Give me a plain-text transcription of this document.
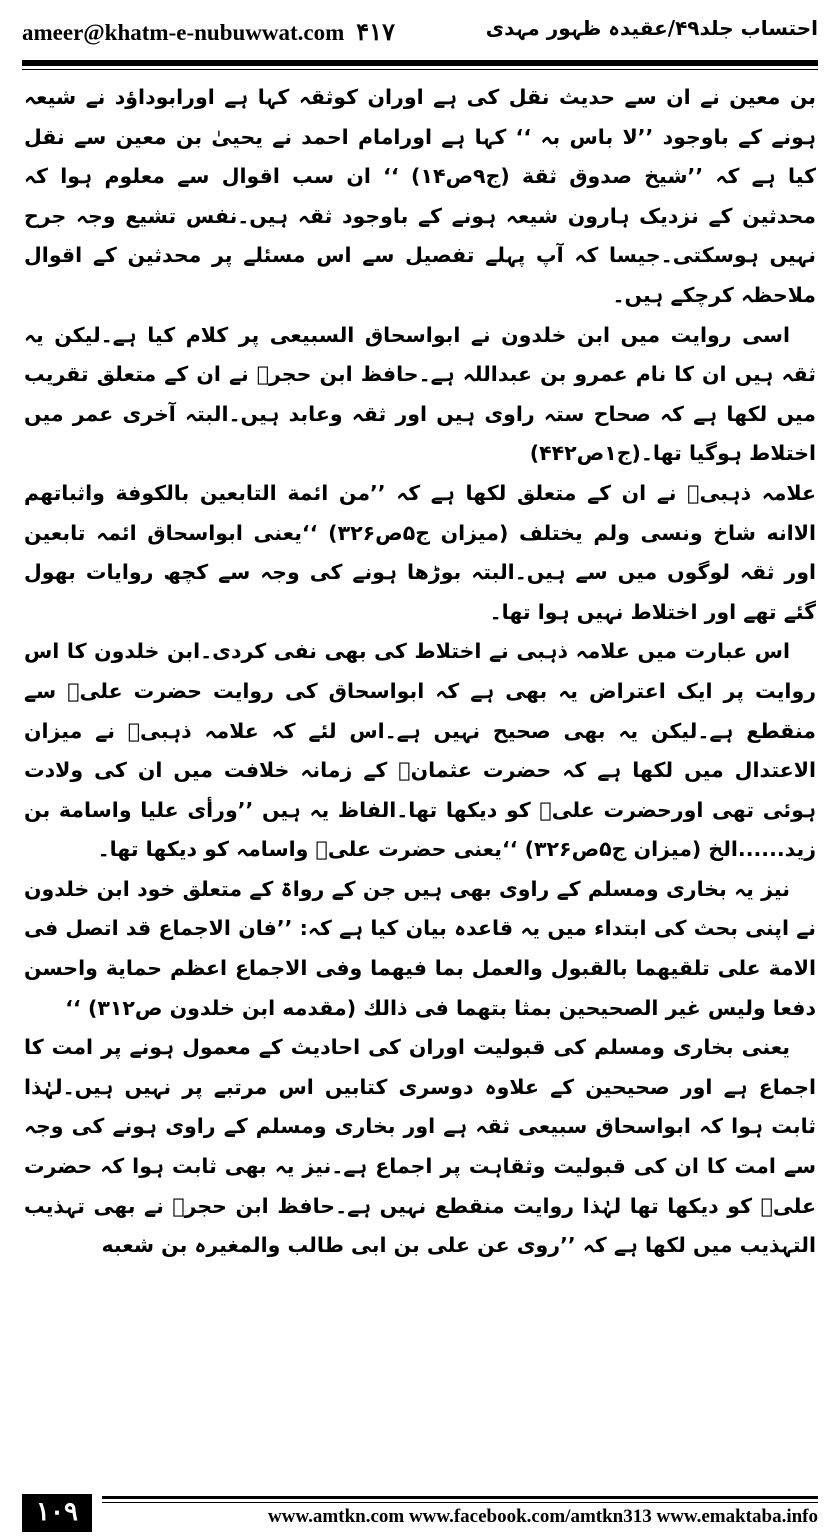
ameer@khatm-e-nubuwwat.com ۴۱۷	احتساب جلد۴۹/عقیدہ ظہور مہدی

بن معین نے ان سے حدیث نقل کی ہے اوران کوثقہ کہا ہے اورابوداؤد نے شیعہ ہونے کے باوجود ’’لا باس بہ ‘‘ کہا ہے اورامام احمد نے یحییٰ بن معین سے نقل کیا ہے کہ ’’شیخ صدوق ثقة (ج۹ص۱۴) ‘‘ ان سب اقوال سے معلوم ہوا کہ محدثین کے نزدیک ہارون شیعہ ہونے کے باوجود ثقہ ہیں۔نفس تشیع وجہ جرح نہیں ہوسکتی۔جیسا کہ آپ پہلے تفصیل سے اس مسئلے پر محدثین کے اقوال ملاحظہ کرچکے ہیں۔

اسی روایت میں ابن خلدون نے ابواسحاق السبیعی پر کلام کیا ہے۔لیکن یہ ثقہ ہیں ان کا نام عمرو بن عبداللہ ہے۔حافظ ابن حجرؒ نے ان کے متعلق تقریب میں لکھا ہے کہ صحاح ستہ راوی ہیں اور ثقہ وعابد ہیں۔البتہ آخری عمر میں اختلاط ہوگیا تھا۔(ج۱ص۴۴۲)

علامہ ذہبیؒ نے ان کے متعلق لکھا ہے کہ ’’من ائمة التابعین بالکوفة واثباتهم الاانه شاخ ونسی ولم یختلف (میزان ج۵ص۳۲۶) ‘‘یعنی ابواسحاق ائمہ تابعین اور ثقہ لوگوں میں سے ہیں۔البتہ بوڑھا ہونے کی وجہ سے کچھ روایات بھول گئے تھے اور اختلاط نہیں ہوا تھا۔

اس عبارت میں علامہ ذہبی نے اختلاط کی بھی نفی کردی۔ابن خلدون کا اس روایت پر ایک اعتراض یہ بھی ہے کہ ابواسحاق کی روایت حضرت علیؓ سے منقطع ہے۔لیکن یہ بھی صحیح نہیں ہے۔اس لئے کہ علامہ ذہبیؒ نے میزان الاعتدال میں لکھا ہے کہ حضرت عثمانؓ کے زمانہ خلافت میں ان کی ولادت ہوئی تھی اورحضرت علیؓ کو دیکھا تھا۔الفاظ یہ ہیں ’’ورأی علیا واسامة بن زید......الخ (میزان ج۵ص۳۲۶) ‘‘یعنی حضرت علیؓ واسامہ کو دیکھا تھا۔

نیز یہ بخاری ومسلم کے راوی بھی ہیں جن کے رواۃ کے متعلق خود ابن خلدون نے اپنی بحث کی ابتداء میں یہ قاعدہ بیان کیا ہے کہ: ’’فان الاجماع قد اتصل فی الامة علی تلقیهما بالقبول والعمل بما فیهما وفی الاجماع اعظم حمایة واحسن دفعا ولیس غیر الصحیحین بمثا بتهما فی ذالك (مقدمه ابن خلدون ص۳۱۲) ‘‘

یعنی بخاری ومسلم کی قبولیت اوران کی احادیث کے معمول ہونے پر امت کا اجماع ہے اور صحیحین کے علاوہ دوسری کتابیں اس مرتبے پر نہیں ہیں۔لہٰذا ثابت ہوا کہ ابواسحاق سبیعی ثقہ ہے اور بخاری ومسلم کے راوی ہونے کی وجہ سے امت کا ان کی قبولیت وثقاہت پر اجماع ہے۔نیز یہ بھی ثابت ہوا کہ حضرت علیؓ کو دیکھا تھا لہٰذا روایت منقطع نہیں ہے۔حافظ ابن حجرؒ نے بھی تہذیب التہذیب میں لکھا ہے کہ ’’روی عن علی بن ابی طالب والمغیرہ بن شعبه

۱۰۹	www.amtkn.com www.facebook.com/amtkn313 www.emaktaba.info
